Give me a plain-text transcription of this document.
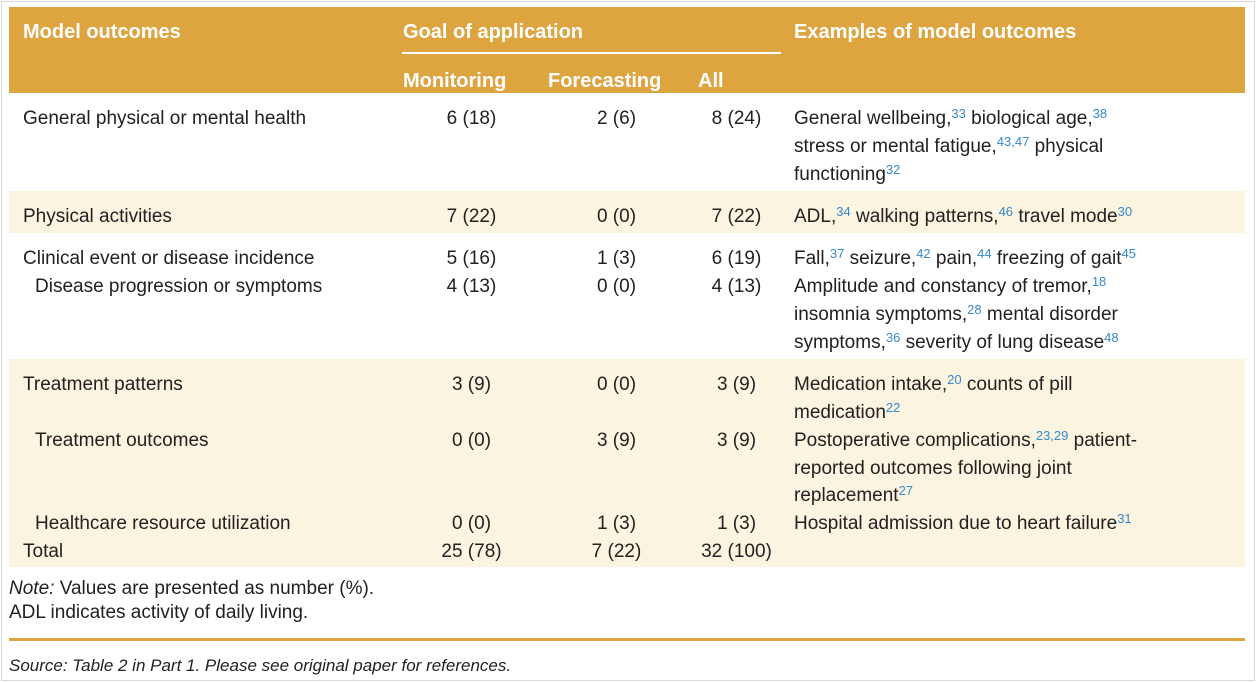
Model outcomes	Goal of application	Examples of model outcomes
Monitoring	Forecasting	All
General physical or mental health	6 (18)	2 (6)	8 (24)	General wellbeing,$^{33}$ biological age,$^{38}$
stress or mental fatigue,$^{43,47}$ physical
functioning$^{32}$
Physical activities	7 (22)	0 (0)	7 (22)	ADL,$^{34}$ walking patterns,$^{46}$ travel mode$^{30}$
Clinical event or disease incidence	5 (16)	1 (3)	6 (19)	Fall,$^{37}$ seizure,$^{42}$ pain,$^{44}$ freezing of gait$^{45}$
Disease progression or symptoms	4 (13)	0 (0)	4 (13)	Amplitude and constancy of tremor,$^{18}$
insomnia symptoms,$^{28}$ mental disorder
symptoms,$^{36}$ severity of lung disease$^{48}$
Treatment patterns	3 (9)	0 (0)	3 (9)	Medication intake,$^{20}$ counts of pill
medication$^{22}$
Treatment outcomes	0 (0)	3 (9)	3 (9)	Postoperative complications,$^{23,29}$ patient-
reported outcomes following joint
replacement$^{27}$
Healthcare resource utilization	0 (0)	1 (3)	1 (3)	Hospital admission due to heart failure$^{31}$
Total	25 (78)	7 (22)	32 (100)
Note: Values are presented as number (%).
ADL indicates activity of daily living.
Source: Table 2 in Part 1. Please see original paper for references.
